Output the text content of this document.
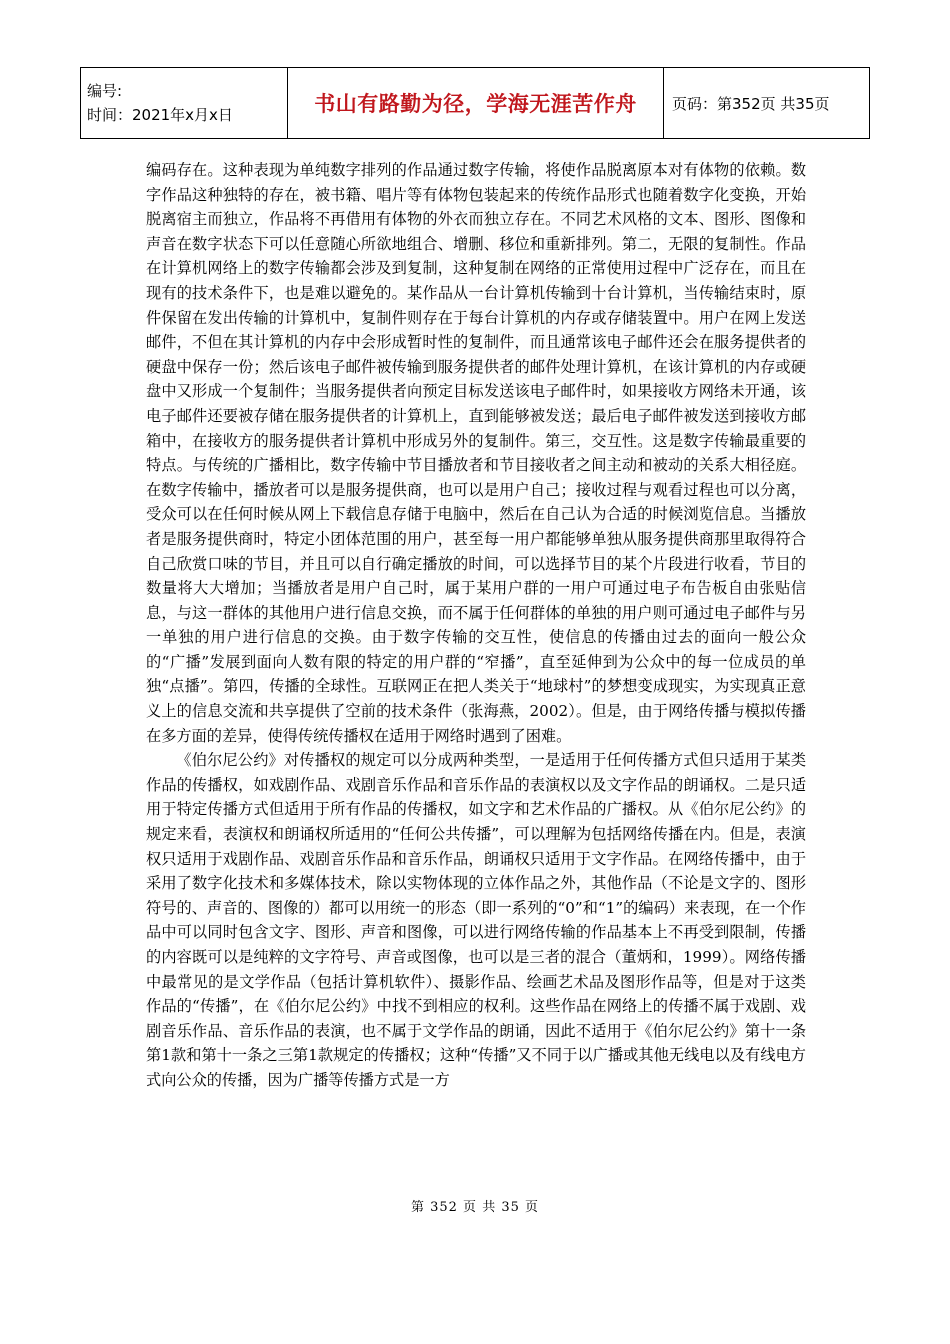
编号:
时间：2021年x月x日	书山有路勤为径，学海无涯苦作舟	页码：第352页 共35页

编码存在。这种表现为单纯数字排列的作品通过数字传输，将使作品脱离原本对有体物的依赖。数字作品这种独特的存在，被书籍、唱片等有体物包装起来的传统作品形式也随着数字化变换，开始脱离宿主而独立，作品将不再借用有体物的外衣而独立存在。不同艺术风格的文本、图形、图像和声音在数字状态下可以任意随心所欲地组合、增删、移位和重新排列。第二，无限的复制性。作品在计算机网络上的数字传输都会涉及到复制，这种复制在网络的正常使用过程中广泛存在，而且在现有的技术条件下，也是难以避免的。某作品从一台计算机传输到十台计算机，当传输结束时，原件保留在发出传输的计算机中，复制件则存在于每台计算机的内存或存储装置中。用户在网上发送邮件，不但在其计算机的内存中会形成暂时性的复制件，而且通常该电子邮件还会在服务提供者的硬盘中保存一份；然后该电子邮件被传输到服务提供者的邮件处理计算机，在该计算机的内存或硬盘中又形成一个复制件；当服务提供者向预定目标发送该电子邮件时，如果接收方网络未开通，该电子邮件还要被存储在服务提供者的计算机上，直到能够被发送；最后电子邮件被发送到接收方邮箱中，在接收方的服务提供者计算机中形成另外的复制件。第三，交互性。这是数字传输最重要的特点。与传统的广播相比，数字传输中节目播放者和节目接收者之间主动和被动的关系大相径庭。在数字传输中，播放者可以是服务提供商，也可以是用户自己；接收过程与观看过程也可以分离，受众可以在任何时候从网上下载信息存储于电脑中，然后在自己认为合适的时候浏览信息。当播放者是服务提供商时，特定小团体范围的用户，甚至每一用户都能够单独从服务提供商那里取得符合自己欣赏口味的节目，并且可以自行确定播放的时间，可以选择节目的某个片段进行收看，节目的数量将大大增加；当播放者是用户自己时，属于某用户群的一用户可通过电子布告板自由张贴信息，与这一群体的其他用户进行信息交换，而不属于任何群体的单独的用户则可通过电子邮件与另一单独的用户进行信息的交换。由于数字传输的交互性，使信息的传播由过去的面向一般公众的“广播”发展到面向人数有限的特定的用户群的“窄播”，直至延伸到为公众中的每一位成员的单独“点播”。第四，传播的全球性。互联网正在把人类关于“地球村”的梦想变成现实，为实现真正意义上的信息交流和共享提供了空前的技术条件（张海燕，2002）。但是，由于网络传播与模拟传播在多方面的差异，使得传统传播权在适用于网络时遇到了困难。

《伯尔尼公约》对传播权的规定可以分成两种类型，一是适用于任何传播方式但只适用于某类作品的传播权，如戏剧作品、戏剧音乐作品和音乐作品的表演权以及文字作品的朗诵权。二是只适用于特定传播方式但适用于所有作品的传播权，如文字和艺术作品的广播权。从《伯尔尼公约》的规定来看，表演权和朗诵权所适用的“任何公共传播”，可以理解为包括网络传播在内。但是，表演权只适用于戏剧作品、戏剧音乐作品和音乐作品，朗诵权只适用于文字作品。在网络传播中，由于采用了数字化技术和多媒体技术，除以实物体现的立体作品之外，其他作品（不论是文字的、图形符号的、声音的、图像的）都可以用统一的形态（即一系列的“0”和“1”的编码）来表现，在一个作品中可以同时包含文字、图形、声音和图像，可以进行网络传输的作品基本上不再受到限制，传播的内容既可以是纯粹的文字符号、声音或图像，也可以是三者的混合（董炳和，1999）。网络传播中最常见的是文学作品（包括计算机软件）、摄影作品、绘画艺术品及图形作品等，但是对于这类作品的“传播”，在《伯尔尼公约》中找不到相应的权利。这些作品在网络上的传播不属于戏剧、戏剧音乐作品、音乐作品的表演，也不属于文学作品的朗诵，因此不适用于《伯尔尼公约》第十一条第1款和第十一条之三第1款规定的传播权；这种“传播”又不同于以广播或其他无线电以及有线电方式向公众的传播，因为广播等传播方式是一方

第 352 页 共 35 页
